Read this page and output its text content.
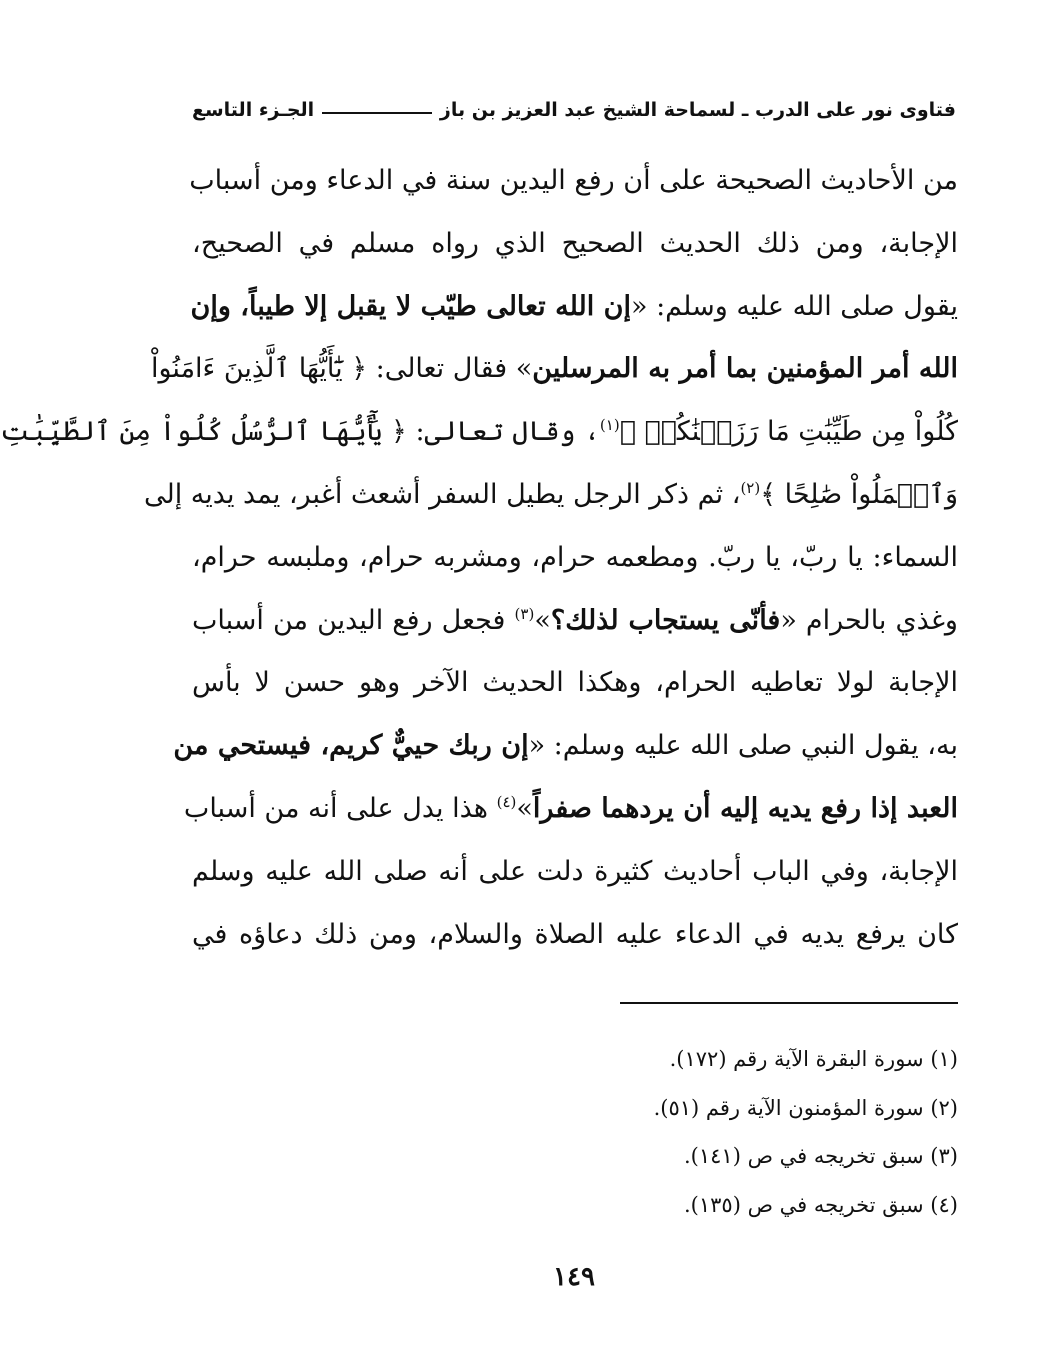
فتاوى نور على الدرب ـ لسماحة الشيخ عبد العزيز بن باز
الجـزء التاسع
من الأحاديث الصحيحة على أن رفع اليدين سنة في الدعاء ومن أسباب
الإجابة، ومن ذلك الحديث الصحيح الذي رواه مسلم في الصحيح،
يقول صلى الله عليه وسلم: «إن الله تعالى طيّب لا يقبل إلا طيباً، وإن
الله أمر المؤمنين بما أمر به المرسلين» فقال تعالى: ﴿ يَٰٓأَيُّهَا ٱلَّذِينَ ءَامَنُواْ
كُلُواْ مِن طَيِّبَٰتِ مَا رَزَقۡنَٰكُمۡ ﴾$^{(١)}$، وقال تعالى: ﴿ يَٰٓأَيُّهَا ٱلرُّسُلُ كُلُواْ مِنَ ٱلطَّيِّبَٰتِ
وَٱعۡمَلُواْ صَٰلِحًا ﴾$^{(٢)}$، ثم ذكر الرجل يطيل السفر أشعث أغبر، يمد يديه إلى
السماء: يا ربّ، يا ربّ. ومطعمه حرام، ومشربه حرام، وملبسه حرام،
وغذي بالحرام «فأنّى يستجاب لذلك؟»$^{(٣)}$ فجعل رفع اليدين من أسباب
الإجابة لولا تعاطيه الحرام، وهكذا الحديث الآخر وهو حسن لا بأس
به، يقول النبي صلى الله عليه وسلم: «إن ربك حييٌّ كريم، فيستحي من
العبد إذا رفع يديه إليه أن يردهما صفراً»$^{(٤)}$ هذا يدل على أنه من أسباب
الإجابة، وفي الباب أحاديث كثيرة دلت على أنه صلى الله عليه وسلم
كان يرفع يديه في الدعاء عليه الصلاة والسلام، ومن ذلك دعاؤه في
(١) سورة البقرة الآية رقم (١٧٢).
(٢) سورة المؤمنون الآية رقم (٥١).
(٣) سبق تخريجه في ص (١٤١).
(٤) سبق تخريجه في ص (١٣٥).
١٤٩
